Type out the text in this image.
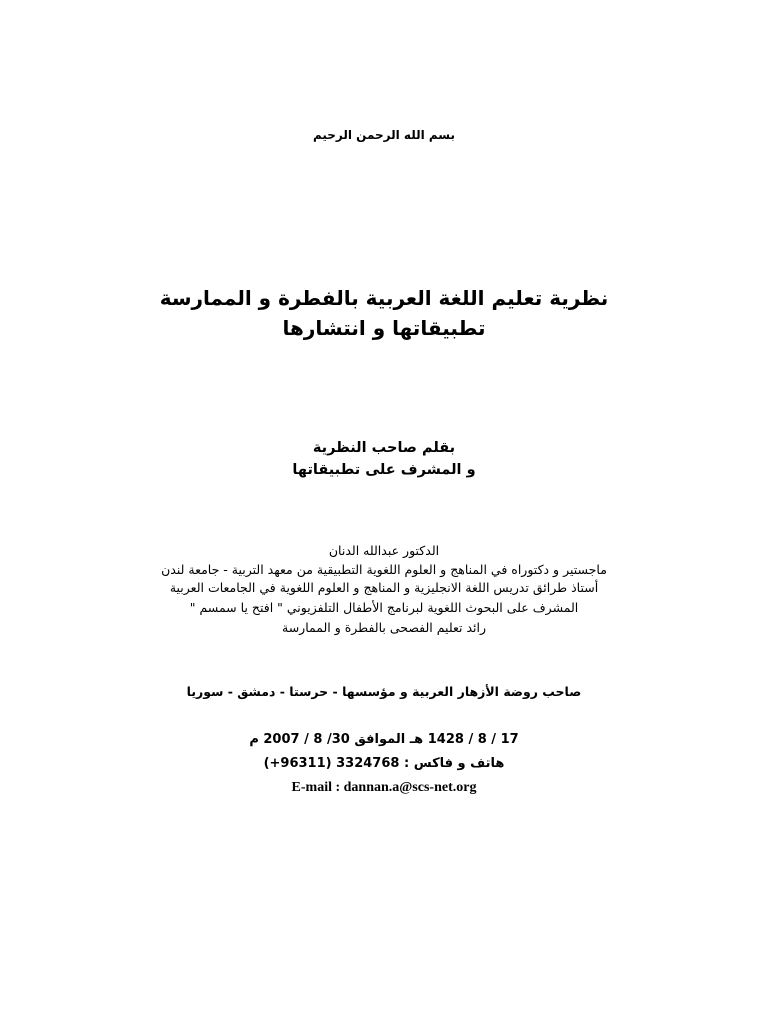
بسم الله الرحمن الرحيم
نظرية تعليم اللغة العربية بالفطرة و الممارسة
تطبيقاتها و انتشارها
بقلم صاحب النظرية
و المشرف على تطبيقاتها
الدكتور عبدالله الدنان
ماجستير و دكتوراه في المناهج و العلوم اللغوية التطبيقية من معهد التربية - جامعة لندن
أستاذ طرائق تدريس اللغة الانجليزية و المناهج و العلوم اللغوية في الجامعات العربية
المشرف على البحوث اللغوية لبرنامج الأطفال التلفزيوني " افتح يا سمسم "
رائد تعليم الفصحى بالفطرة و الممارسة
صاحب روضة الأزهار العربية و مؤسسها - حرستا - دمشق - سوريا
17 / 8 / 1428 هـ الموافق 30/ 8 / 2007 م
هاتف و فاكس : 3324768 (96311+)
E-mail : dannan.a@scs-net.org
